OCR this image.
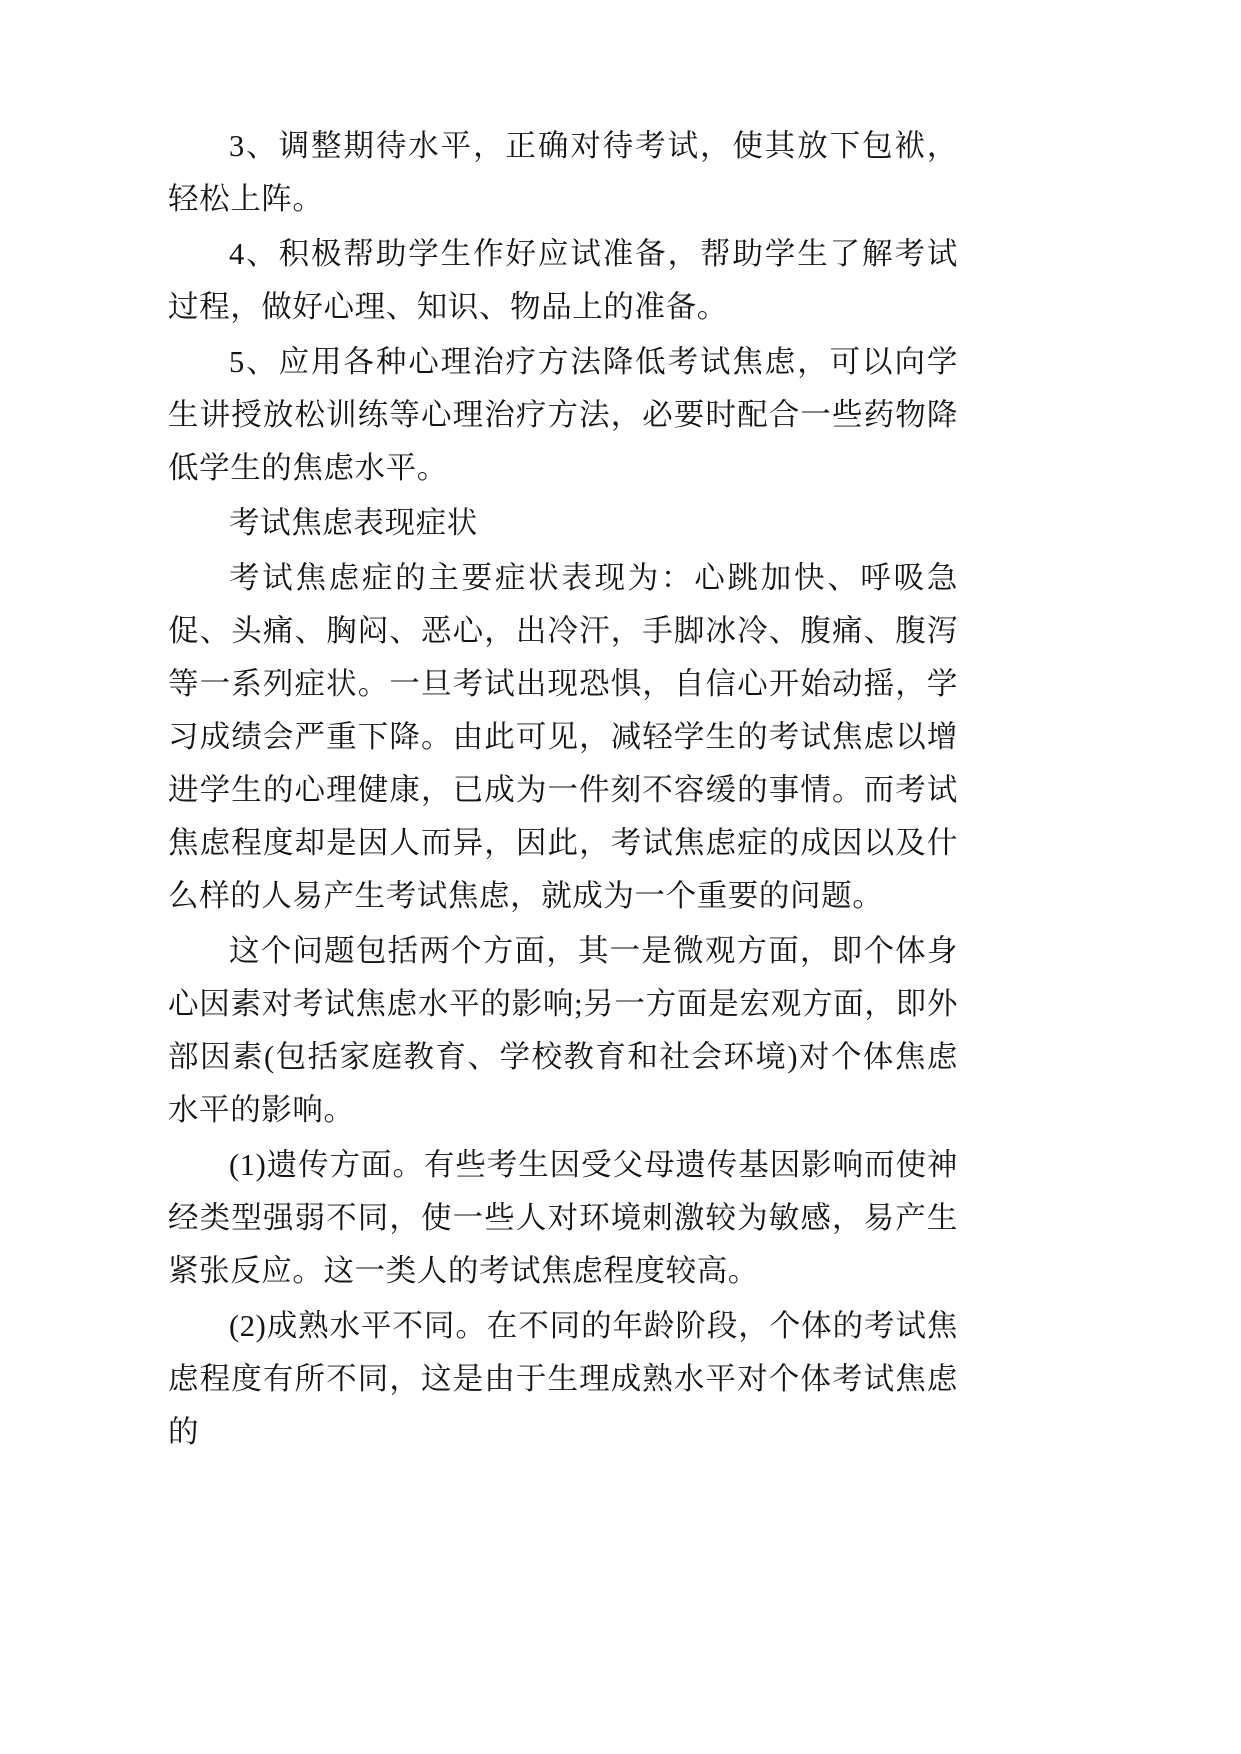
3、调整期待水平，正确对待考试，使其放下包袱，轻松上阵。

4、积极帮助学生作好应试准备，帮助学生了解考试过程，做好心理、知识、物品上的准备。

5、应用各种心理治疗方法降低考试焦虑，可以向学生讲授放松训练等心理治疗方法，必要时配合一些药物降低学生的焦虑水平。

考试焦虑表现症状

考试焦虑症的主要症状表现为：心跳加快、呼吸急促、头痛、胸闷、恶心，出冷汗，手脚冰冷、腹痛、腹泻等一系列症状。一旦考试出现恐惧，自信心开始动摇，学习成绩会严重下降。由此可见，减轻学生的考试焦虑以增进学生的心理健康，已成为一件刻不容缓的事情。而考试焦虑程度却是因人而异，因此，考试焦虑症的成因以及什么样的人易产生考试焦虑，就成为一个重要的问题。

这个问题包括两个方面，其一是微观方面，即个体身心因素对考试焦虑水平的影响;另一方面是宏观方面，即外部因素(包括家庭教育、学校教育和社会环境)对个体焦虑水平的影响。

(1)遗传方面。有些考生因受父母遗传基因影响而使神经类型强弱不同，使一些人对环境刺激较为敏感，易产生紧张反应。这一类人的考试焦虑程度较高。

(2)成熟水平不同。在不同的年龄阶段，个体的考试焦虑程度有所不同，这是由于生理成熟水平对个体考试焦虑的
